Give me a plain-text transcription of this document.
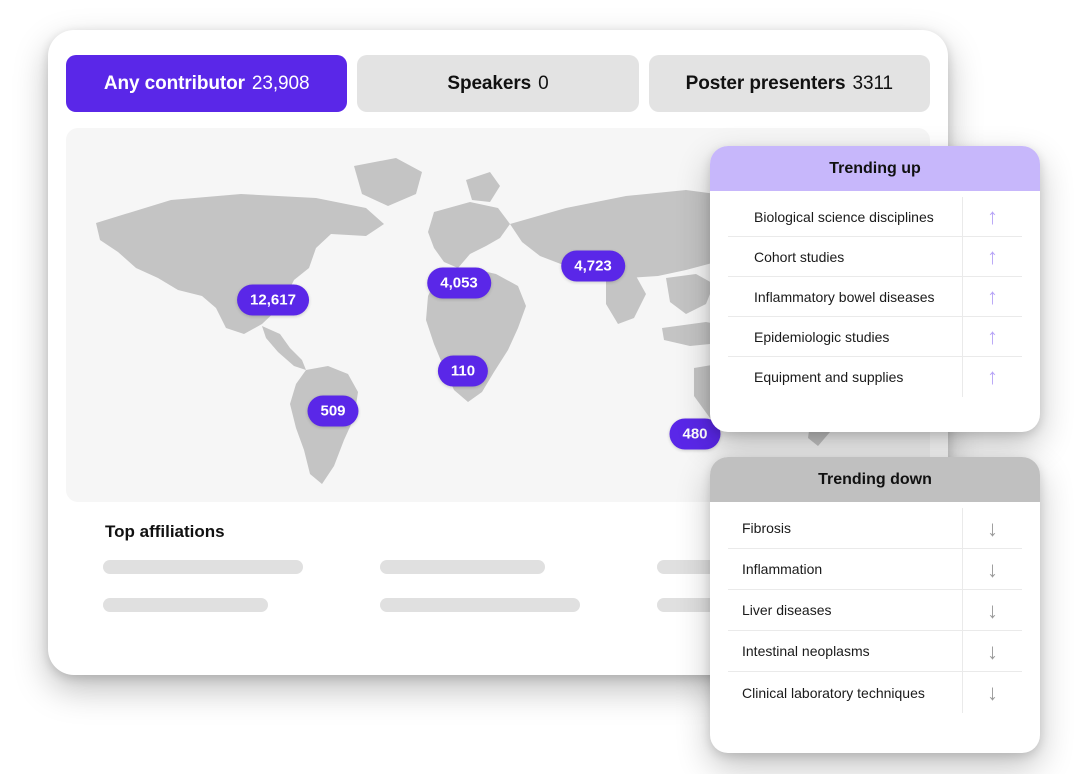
Any contributor 23,908	Speakers 0	Poster presenters 3311
12,617
4,053
4,723
110
509
480
Top affiliations
Trending up
Biological science disciplines	↑
Cohort studies	↑
Inflammatory bowel diseases	↑
Epidemiologic studies	↑
Equipment and supplies	↑
Trending down
Fibrosis	↓
Inflammation	↓
Liver diseases	↓
Intestinal neoplasms	↓
Clinical laboratory techniques	↓
